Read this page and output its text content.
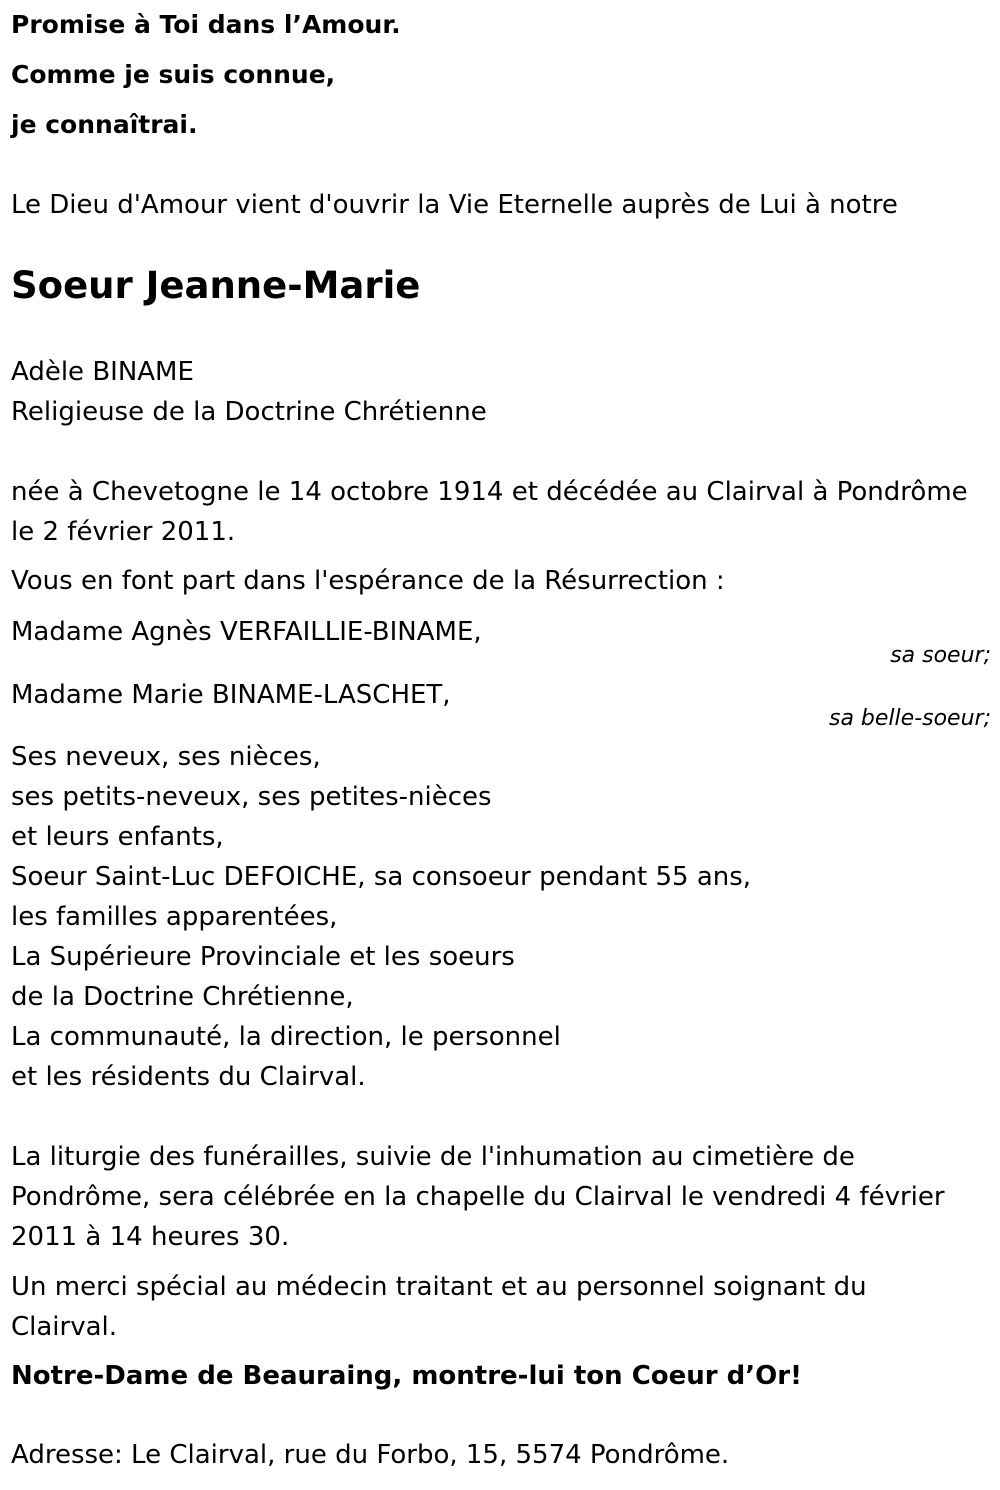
Promise à Toi dans l’Amour.
Comme je suis connue,
je connaîtrai.
Le Dieu d'Amour vient d'ouvrir la Vie Eternelle auprès de Lui à notre
Soeur Jeanne-Marie
Adèle BINAME
Religieuse de la Doctrine Chrétienne
née à Chevetogne le 14 octobre 1914 et décédée au Clairval à Pondrôme
le 2 février 2011.
Vous en font part dans l'espérance de la Résurrection :
Madame Agnès VERFAILLIE-BINAME,
sa soeur;
Madame Marie BINAME-LASCHET,
sa belle-soeur;
Ses neveux, ses nièces,
ses petits-neveux, ses petites-nièces
et leurs enfants,
Soeur Saint-Luc DEFOICHE, sa consoeur pendant 55 ans,
les familles apparentées,
La Supérieure Provinciale et les soeurs
de la Doctrine Chrétienne,
La communauté, la direction, le personnel
et les résidents du Clairval.
La liturgie des funérailles, suivie de l'inhumation au cimetière de
Pondrôme, sera célébrée en la chapelle du Clairval le vendredi 4 février
2011 à 14 heures 30.
Un merci spécial au médecin traitant et au personnel soignant du
Clairval.
Notre-Dame de Beauraing, montre-lui ton Coeur d’Or!
Adresse: Le Clairval, rue du Forbo, 15, 5574 Pondrôme.
